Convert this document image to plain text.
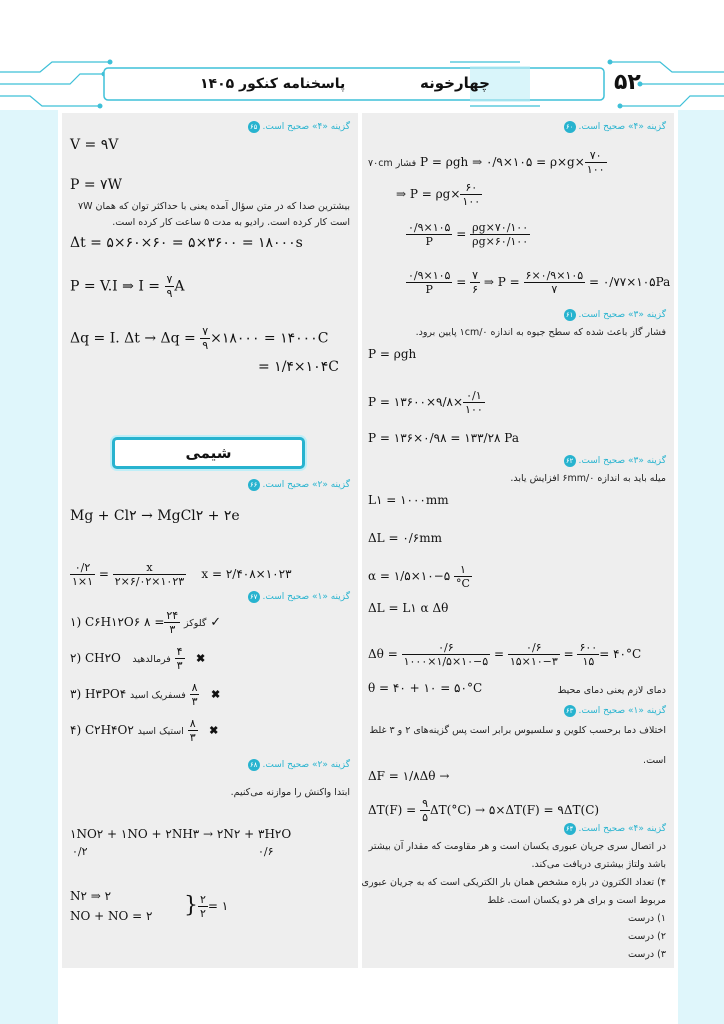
۵۲
چهارخونه
پاسخنامه کنکور ۱۴۰۵
گزینه «۴» صحیح است. ۶۵
V = ۹V
P = ۷W
بیشترین صدا که در متن سؤال آمده یعنی با حداکثر توان که همان ۷W
است کار کرده است. رادیو به مدت ۵ ساعت کار کرده است.
Δt = ۵×۶۰×۶۰ = ۵×۳۶۰۰ = ۱۸۰۰۰s
P = V.I ⇒ $I = \frac{۷}{۹}$ A
Δq = I. $\Delta t \to \Delta q = \frac{۷}{۹}$ ×۱۸۰۰۰ = ۱۴۰۰۰C
= ۱/۴×۱۰۴C
گزینه «۲» صحیح است. ۶۶
Mg + Cl۲ → MgCl۲ + ۲e
$\frac{۰/۲}{۱\times ۱} = \frac{x}{۲\times ۶/۰۲\times ۱۰۲۳}$ x = ۲/۴۰۸×۱۰۲۳
گزینه «۱» صحیح است. ۶۷
۱) C۶H۱۲O۶	گلوکز
$\frac{۲۴}{۳}$
= ۸	✓
۲) CH۲O فرمالدهید $\frac{۴}{۳}$ ✖
۳) H۳PO۴ فسفریک اسید $\frac{۸}{۳}$ ✖
۴) C۲H۴O۲ استیک اسید $\frac{۸}{۳}$ ✖
گزینه «۲» صحیح است. ۶۸
ابتدا واکنش را موازنه می‌کنیم.
۱NO۲ + ۱NO + ۲NH۳ → ۲N۲ + ۳H۲O
۰/۲	۰/۶
N۲ ⇒ ۲
NO + NO = ۲ } $\frac{۲}{۲}$ = ۱
شیمی
گزینه «۴» صحیح است. ۶۰
۷۰cm فشار P = ρgh ⇒ ۰/۹×۱۰۵ = $\rho\times g\times \frac{۷۰}{۱۰۰}$
⇒ $P = \rho g\times \frac{۶۰}{۱۰۰}$
$\frac{۰/۹\times ۱۰۵}{P} = \frac{\rho g\times ۷۰/۱۰۰}{\rho g\times ۶۰/۱۰۰}$
$\frac{۰/۹\times ۱۰۵}{P} = \frac{۷}{۶}$ ⇒ $P = \frac{۶\times ۰/۹\times ۱۰۵}{۷}$ = ۰/۷۷×۱۰۵Pa
گزینه «۳» صحیح است. ۶۱
فشار گاز باعث شده که سطح جیوه به اندازه ۱cm/۰ پایین برود.
P = ρgh
P = ۱۳۶۰۰×۹/۸× $\frac{۰/۱}{۱۰۰}$
P = ۱۳۶×۰/۹۸ = ۱۳۳/۲۸ Pa
گزینه «۳» صحیح است. ۶۲
میله باید به اندازه ۶mm/۰ افزایش یابد.
L۱ = ۱۰۰۰mm
ΔL = ۰/۶mm
α = ۱/۵×۱۰−۵ $\frac{۱}{^\circ C}$
ΔL = L۱ α Δθ
$\Delta\theta = \frac{۰/۶}{۱۰۰۰\times ۱/۵\times ۱۰-۵} = \frac{۰/۶}{۱۵\times ۱۰-۳} = \frac{۶۰۰}{۱۵}$ = ۴۰°C
θ = ۴۰ + ۱۰ = ۵۰°C	دمای لازم یعنی دمای محیط
گزینه «۱» صحیح است. ۶۳
اختلاف دما برحسب کلوین و سلسیوس برابر است پس گزینه‌های ۲ و ۳ غلط
است.
ΔF = ۱/۸Δθ →
$\Delta T(F) = \frac{۹}{۵} \Delta T(^\circ C)$ → ۵×ΔT(F) = ۹ΔT(C)
گزینه «۴» صحیح است. ۶۴
در اتصال سری جریان عبوری یکسان است و هر مقاومت که مقدار آن بیشتر
باشد ولتاژ بیشتری دریافت می‌کند.
۴) تعداد الکترون در بازه مشخص همان بار الکتریکی است که به جریان عبوری
مربوط است و برای هر دو یکسان است. غلط
۱) درست
۲) درست
۳) درست
